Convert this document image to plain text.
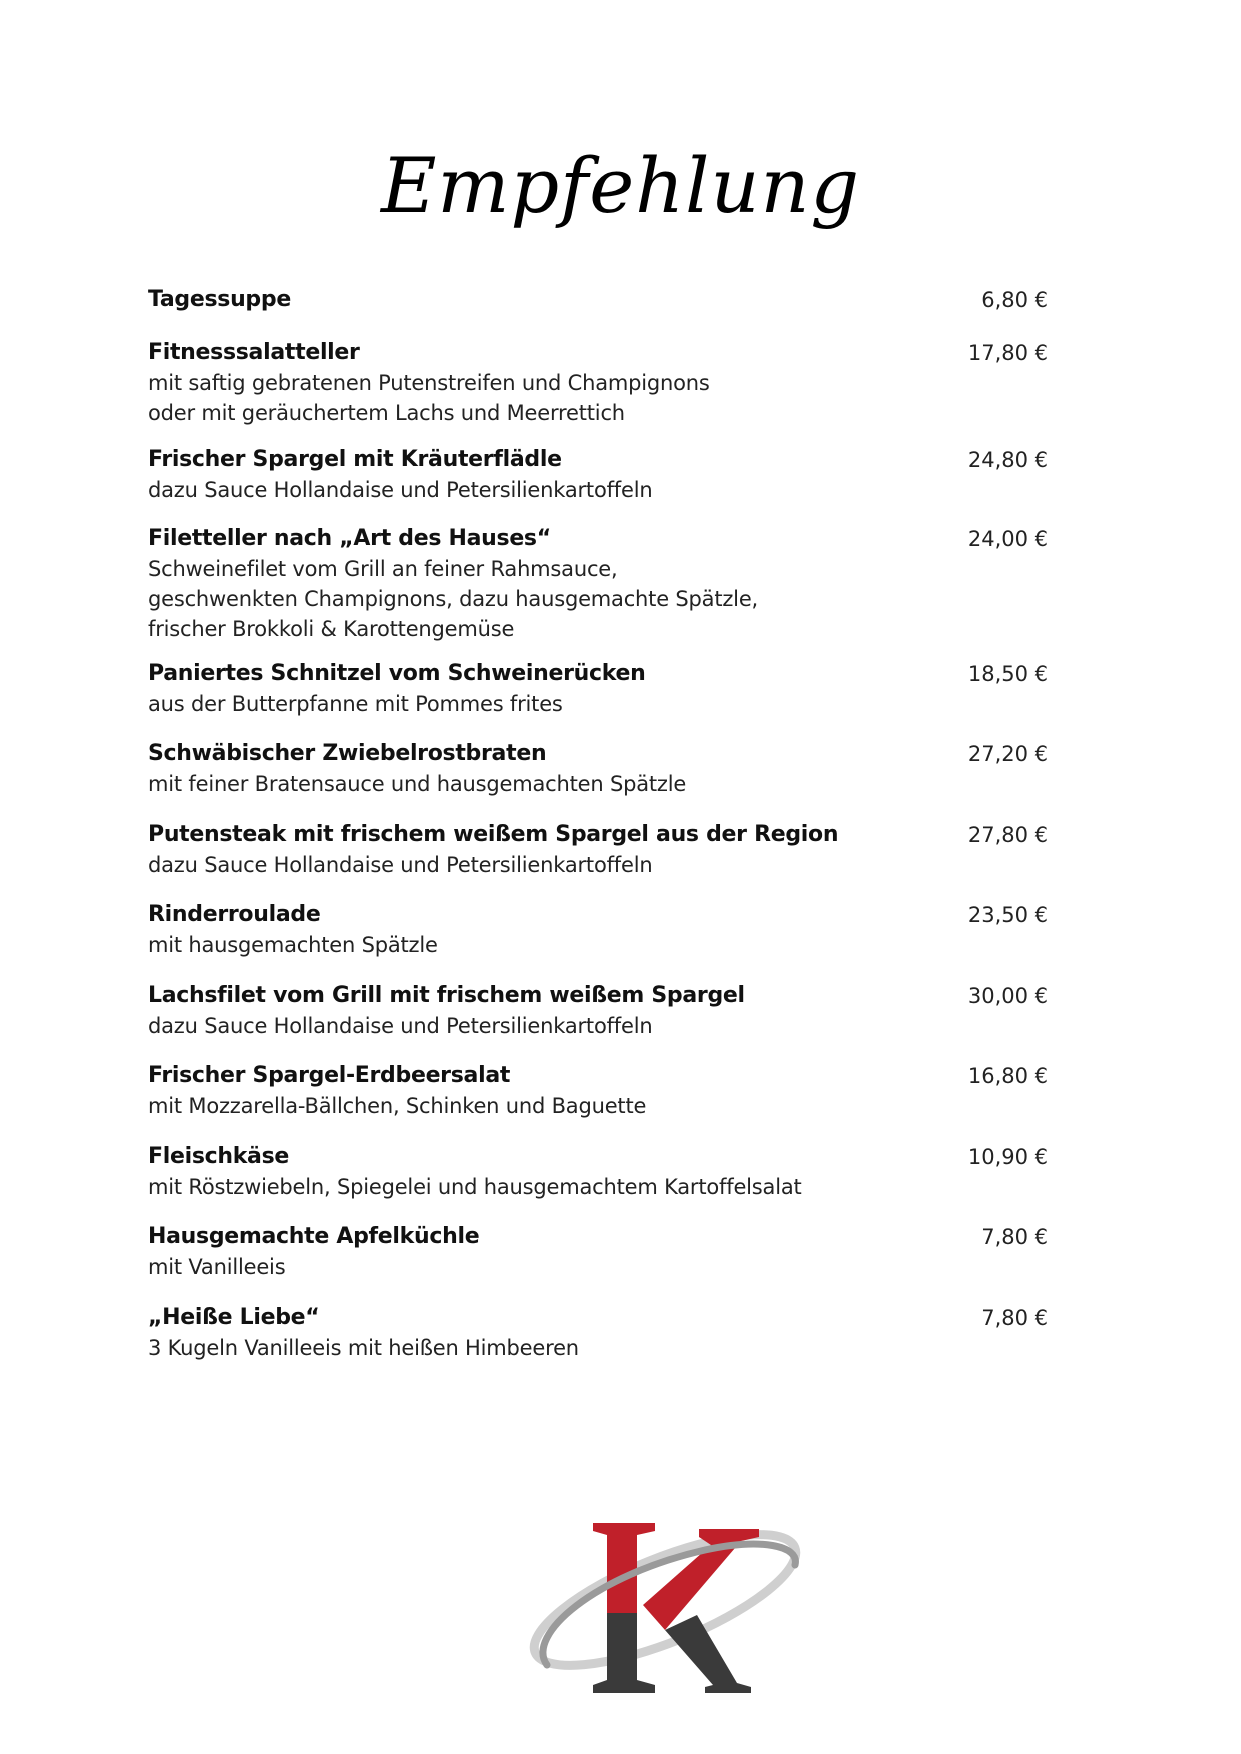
Empfehlung
Tagessuppe	6,80 €
Fitnesssalatteller
mit saftig gebratenen Putenstreifen und Champignons
oder mit geräuchertem Lachs und Meerrettich
17,80 €
Frischer Spargel mit Kräuterflädle
dazu Sauce Hollandaise und Petersilienkartoffeln
24,80 €
Filetteller nach „Art des Hauses“
Schweinefilet vom Grill an feiner Rahmsauce,
geschwenkten Champignons, dazu hausgemachte Spätzle,
frischer Brokkoli & Karottengemüse
24,00 €
Paniertes Schnitzel vom Schweinerücken
aus der Butterpfanne mit Pommes frites
18,50 €
Schwäbischer Zwiebelrostbraten
mit feiner Bratensauce und hausgemachten Spätzle
27,20 €
Putensteak mit frischem weißem Spargel aus der Region
dazu Sauce Hollandaise und Petersilienkartoffeln
27,80 €
Rinderroulade
mit hausgemachten Spätzle
23,50 €
Lachsfilet vom Grill mit frischem weißem Spargel
dazu Sauce Hollandaise und Petersilienkartoffeln
30,00 €
Frischer Spargel-Erdbeersalat
mit Mozzarella-Bällchen, Schinken und Baguette
16,80 €
Fleischkäse
mit Röstzwiebeln, Spiegelei und hausgemachtem Kartoffelsalat
10,90 €
Hausgemachte Apfelküchle
mit Vanilleeis
7,80 €
„Heiße Liebe“
3 Kugeln Vanilleeis mit heißen Himbeeren
7,80 €
